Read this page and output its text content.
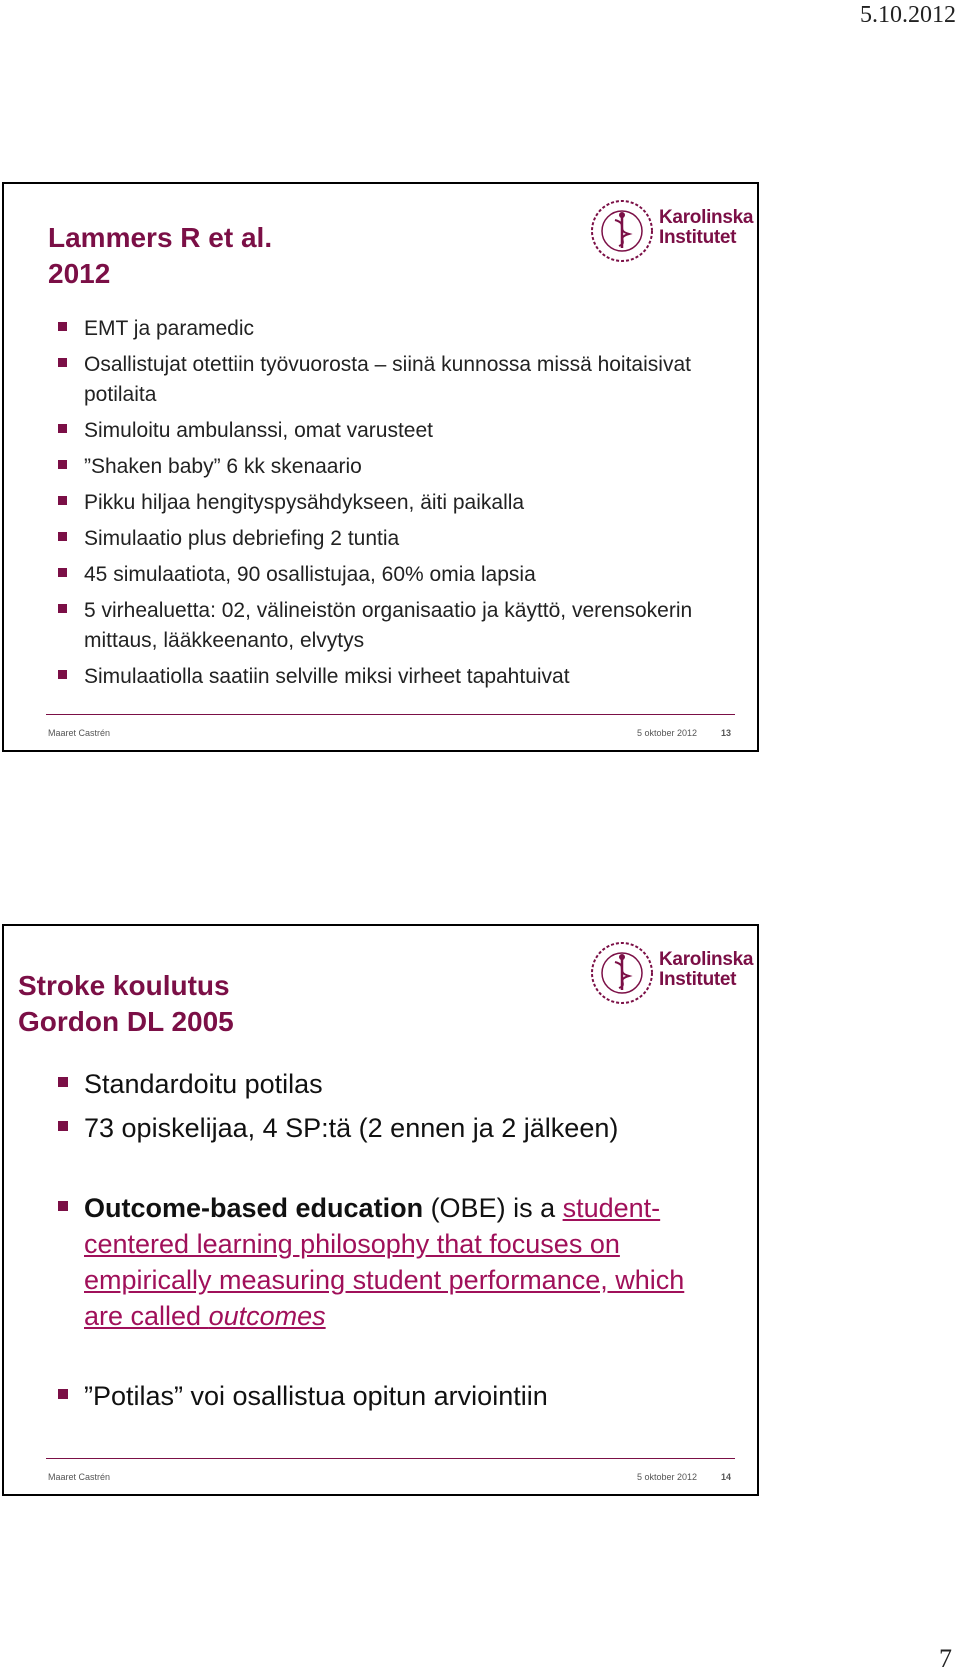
5.10.2012
Karolinska
Institutet
Lammers R et al.
2012
EMT ja paramedic
Osallistujat otettiin työvuorosta – siinä kunnossa missä hoitaisivat potilaita
Simuloitu ambulanssi, omat varusteet
”Shaken baby” 6 kk skenaario
Pikku hiljaa hengityspysähdykseen, äiti paikalla
Simulaatio plus debriefing 2 tuntia
45 simulaatiota, 90 osallistujaa, 60% omia lapsia
5 virhealuetta: 02, välineistön organisaatio ja käyttö, verensokerin mittaus, lääkkeenanto, elvytys
Simulaatiolla saatiin selville miksi virheet tapahtuivat
Maaret Castrén	5 oktober 2012	13
Karolinska
Institutet
Stroke koulutus
Gordon DL 2005
Standardoitu potilas
73 opiskelijaa, 4 SP:tä (2 ennen ja 2 jälkeen)
Outcome-based education (OBE) is a student-centered learning philosophy that focuses on empirically measuring student performance, which are called outcomes
”Potilas” voi osallistua opitun arviointiin
Maaret Castrén	5 oktober 2012	14
7
